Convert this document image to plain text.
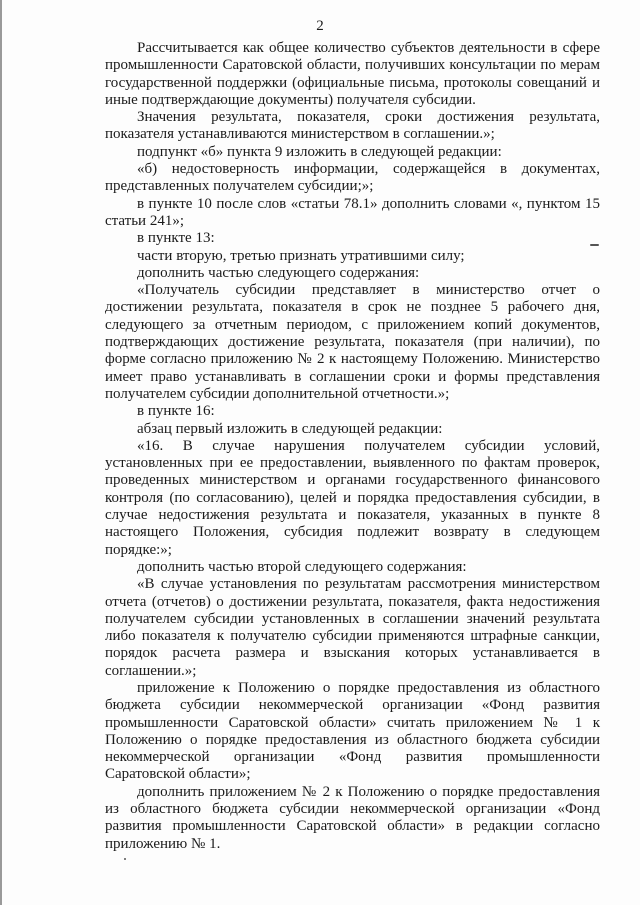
2

Рассчитывается как общее количество субъектов деятельности в сфере промышленности Саратовской области, получивших консультации по мерам государственной поддержки (официальные письма, протоколы совещаний и иные подтверждающие документы) получателя субсидии.

Значения результата, показателя, сроки достижения результата, показателя устанавливаются министерством в соглашении.»;

подпункт «б» пункта 9 изложить в следующей редакции:

«б) недостоверность информации, содержащейся в документах, представленных получателем субсидии;»;

в пункте 10 после слов «статьи 78.1» дополнить словами «, пунктом 15 статьи 241»;

в пункте 13:

части вторую, третью признать утратившими силу;

дополнить частью следующего содержания:

«Получатель субсидии представляет в министерство отчет о достижении результата, показателя в срок не позднее 5 рабочего дня, следующего за отчетным периодом, с приложением копий документов, подтверждающих достижение результата, показателя (при наличии), по форме согласно приложению № 2 к настоящему Положению. Министерство имеет право устанавливать в соглашении сроки и формы представления получателем субсидии дополнительной отчетности.»;

в пункте 16:

абзац первый изложить в следующей редакции:

«16. В случае нарушения получателем субсидии условий, установленных при ее предоставлении, выявленного по фактам проверок, проведенных министерством и органами государственного финансового контроля (по согласованию), целей и порядка предоставления субсидии, в случае недостижения результата и показателя, указанных в пункте 8 настоящего Положения, субсидия подлежит возврату в следующем порядке:»;

дополнить частью второй следующего содержания:

«В случае установления по результатам рассмотрения министерством отчета (отчетов) о достижении результата, показателя, факта недостижения получателем субсидии установленных в соглашении значений результата либо показателя к получателю субсидии применяются штрафные санкции, порядок расчета размера и взыскания которых устанавливается в соглашении.»;

приложение к Положению о порядке предоставления из областного бюджета субсидии некоммерческой организации «Фонд развития промышленности Саратовской области» считать приложением № 1 к Положению о порядке предоставления из областного бюджета субсидии некоммерческой организации «Фонд развития промышленности Саратовской области»;

дополнить приложением № 2 к Положению о порядке предоставления из областного бюджета субсидии некоммерческой организации «Фонд развития промышленности Саратовской области» в редакции согласно приложению № 1.
